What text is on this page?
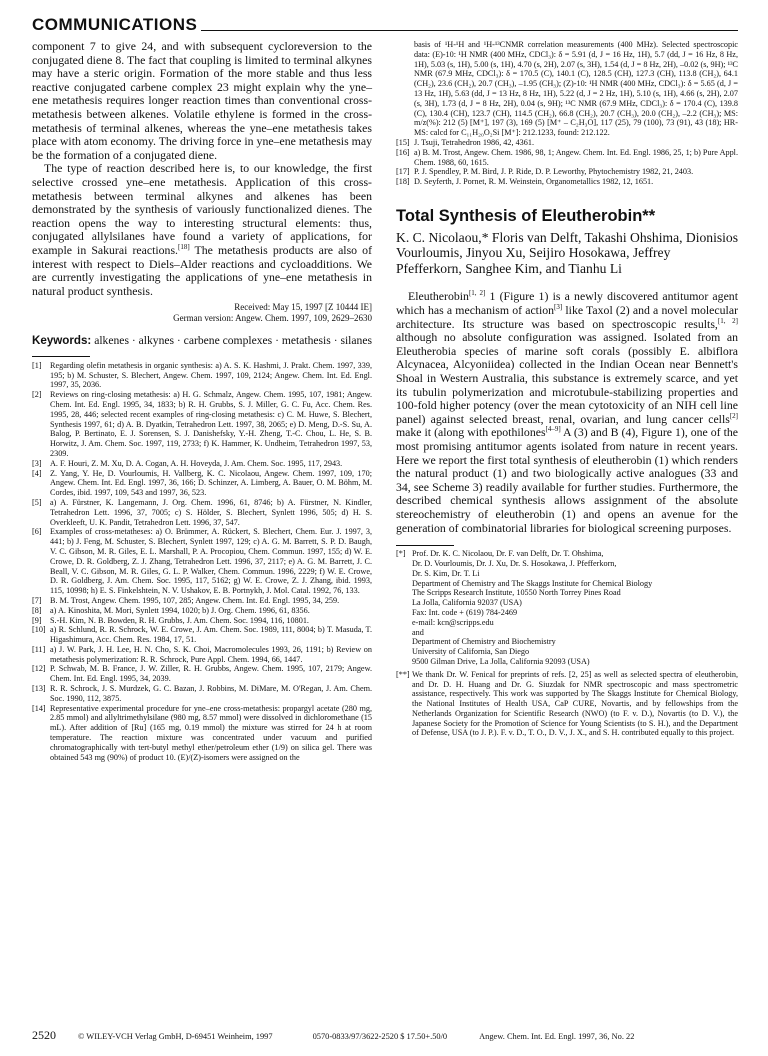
COMMUNICATIONS

component 7 to give 24, and with subsequent cycloreversion to the conjugated diene 8. The fact that coupling is limited to terminal alkynes may have a steric origin. Formation of the more stable and thus less reactive conjugated carbene complex 23 might explain why the yne–ene metathesis requires longer reaction times than conventional cross-metathesis between alkenes. Volatile ethylene is formed in the cross-metathesis of terminal alkenes, whereas the yne–ene metathesis takes place with atom economy. The driving force in yne–ene metathesis may be the formation of a conjugated diene.

The type of reaction described here is, to our knowledge, the first selective crossed yne–ene metathesis. Application of this cross-metathesis between terminal alkynes and alkenes has been demonstrated by the synthesis of variously functionalized dienes. The reaction opens the way to interesting structural elements: thus, conjugated allylsilanes have found a variety of applications, for example in Sakurai reactions.[18] The metathesis products are also of interest with respect to Diels–Alder reactions and cycloadditions. We are currently investigating the applications of yne–ene metathesis in natural product synthesis.

Received: May 15, 1997 [Z 10444 IE]
German version: Angew. Chem. 1997, 109, 2629–2630
Keywords: alkenes · alkynes · carbene complexes · metathesis · silanes
[1]	Regarding olefin metathesis in organic synthesis: a) A. S. K. Hashmi, J. Prakt. Chem. 1997, 339, 195; b) M. Schuster, S. Blechert, Angew. Chem. 1997, 109, 2124; Angew. Chem. Int. Ed. Engl. 1997, 35, 2036.
[2]	Reviews on ring-closing metathesis: a) H. G. Schmalz, Angew. Chem. 1995, 107, 1981; Angew. Chem. Int. Ed. Engl. 1995, 34, 1833; b) R. H. Grubbs, S. J. Miller, G. C. Fu, Acc. Chem. Res. 1995, 28, 446; selected recent examples of ring-closing metathesis: c) C. M. Huwe, S. Blechert, Synthesis 1997, 61; d) A. B. Dyatkin, Tetrahedron Lett. 1997, 38, 2065; e) D. Meng, D.-S. Su, A. Balog, P. Bertinato, E. J. Sorensen, S. J. Danishefsky, Y.-H. Zheng, T.-C. Chou, L. He, S. B. Horwitz, J. Am. Chem. Soc. 1997, 119, 2733; f) K. Hammer, K. Undheim, Tetrahedron 1997, 53, 2309.
[3]	A. F. Houri, Z. M. Xu, D. A. Cogan, A. H. Hoveyda, J. Am. Chem. Soc. 1995, 117, 2943.
[4]	Z. Yang, Y. He, D. Vourloumis, H. Vallberg, K. C. Nicolaou, Angew. Chem. 1997, 109, 170; Angew. Chem. Int. Ed. Engl. 1997, 36, 166; D. Schinzer, A. Limberg, A. Bauer, O. M. Böhm, M. Cordes, ibid. 1997, 109, 543 and 1997, 36, 523.
[5]	a) A. Fürstner, K. Langemann, J. Org. Chem. 1996, 61, 8746; b) A. Fürstner, N. Kindler, Tetrahedron Lett. 1996, 37, 7005; c) S. Hölder, S. Blechert, Synlett 1996, 505; d) H. S. Overkleeft, U. K. Pandit, Tetrahedron Lett. 1996, 37, 547.
[6]	Examples of cross-metatheses: a) O. Brümmer, A. Rückert, S. Blechert, Chem. Eur. J. 1997, 3, 441; b) J. Feng, M. Schuster, S. Blechert, Synlett 1997, 129; c) A. G. M. Barrett, S. P. D. Baugh, V. C. Gibson, M. R. Giles, E. L. Marshall, P. A. Procopiou, Chem. Commun. 1997, 155; d) W. E. Crowe, D. R. Goldberg, Z. J. Zhang, Tetrahedron Lett. 1996, 37, 2117; e) A. G. M. Barrett, J. C. Beall, V. C. Gibson, M. R. Giles, G. L. P. Walker, Chem. Commun. 1996, 2229; f) W. E. Crowe, D. R. Goldberg, J. Am. Chem. Soc. 1995, 117, 5162; g) W. E. Crowe, Z. J. Zhang, ibid. 1993, 115, 10998; h) E. S. Finkelshtein, N. V. Ushakov, E. B. Portnykh, J. Mol. Catal. 1992, 76, 133.
[7]	B. M. Trost, Angew. Chem. 1995, 107, 285; Angew. Chem. Int. Ed. Engl. 1995, 34, 259.
[8]	a) A. Kinoshita, M. Mori, Synlett 1994, 1020; b) J. Org. Chem. 1996, 61, 8356.
[9]	S.-H. Kim, N. B. Bowden, R. H. Grubbs, J. Am. Chem. Soc. 1994, 116, 10801.
[10] a) R. Schlund, R. R. Schrock, W. E. Crowe, J. Am. Chem. Soc. 1989, 111, 8004; b) T. Masuda, T. Higashimura, Acc. Chem. Res. 1984, 17, 51.
[11] a) J. W. Park, J. H. Lee, H. N. Cho, S. K. Choi, Macromolecules 1993, 26, 1191; b) Review on metathesis polymerization: R. R. Schrock, Pure Appl. Chem. 1994, 66, 1447.
[12] P. Schwab, M. B. France, J. W. Ziller, R. H. Grubbs, Angew. Chem. 1995, 107, 2179; Angew. Chem. Int. Ed. Engl. 1995, 34, 2039.
[13] R. R. Schrock, J. S. Murdzek, G. C. Bazan, J. Robbins, M. DiMare, M. O'Regan, J. Am. Chem. Soc. 1990, 112, 3875.
[14] Representative experimental procedure for yne–ene cross-metathesis: propargyl acetate (280 mg, 2.85 mmol) and allyltrimethylsilane (980 mg, 8.57 mmol) were dissolved in dichloromethane (15 mL). After addition of [Ru] (165 mg, 0.19 mmol) the mixture was stirred for 24 h at room temperature. The reaction mixture was concentrated under vacuum and purified chromatographically with tert-butyl methyl ether/petroleum ether (1/9) on silica gel. There was obtained 543 mg (90%) of product 10. (E)/(Z)-isomers were assigned on the
basis of ¹H-¹H and ¹H-¹³CNMR correlation measurements (400 MHz). Selected spectroscopic data: (E)-10: ¹H NMR (400 MHz, CDCl₃): δ = 5.91 (d, J = 16 Hz, 1H), 5.7 (dd, J = 16 Hz, 8 Hz, 1H), 5.03 (s, 1H), 5.00 (s, 1H), 4.70 (s, 2H), 2.07 (s, 3H), 1.54 (d, J = 8 Hz, 2H), –0.02 (s, 9H); ¹³C NMR (67.9 MHz, CDCl₃): δ = 170.5 (C), 140.1 (C), 128.5 (CH), 127.3 (CH), 113.8 (CH₂), 64.1 (CH₂), 23.6 (CH₂), 20.7 (CH₃), –1.95 (CH₃); (Z)-10: ¹H NMR (400 MHz, CDCl₃): δ = 5.65 (d, J = 13 Hz, 1H), 5.63 (dd, J = 13 Hz, 8 Hz, 1H), 5.22 (d, J = 2 Hz, 1H), 5.10 (s, 1H), 4.66 (s, 2H), 2.07 (s, 3H), 1.73 (d, J = 8 Hz, 2H), 0.04 (s, 9H); ¹³C NMR (67.9 MHz, CDCl₃): δ = 170.4 (C), 139.8 (C), 130.4 (CH), 123.7 (CH), 114.5 (CH₂), 66.8 (CH₂), 20.7 (CH₃), 20.0 (CH₂), –2.2 (CH₃); MS: m/z(%): 212 (5) [M⁺], 197 (3), 169 (5) [M⁺ – C₂H₃O], 117 (25), 79 (100), 73 (91), 43 (18); HR-MS: calcd for C₁₁H₂₀O₂Si [M⁺]: 212.1233, found: 212.122.
[15] J. Tsuji, Tetrahedron 1986, 42, 4361.
[16] a) B. M. Trost, Angew. Chem. 1986, 98, 1; Angew. Chem. Int. Ed. Engl. 1986, 25, 1; b) Pure Appl. Chem. 1988, 60, 1615.
[17] P. J. Spendley, P. M. Bird, J. P. Ride, D. P. Leworthy, Phytochemistry 1982, 21, 2403.
[18] D. Seyferth, J. Pornet, R. M. Weinstein, Organometallics 1982, 12, 1651.
Total Synthesis of Eleutherobin**
K. C. Nicolaou,* Floris van Delft, Takashi Ohshima, Dionisios Vourloumis, Jinyou Xu, Seijiro Hosokawa, Jeffrey Pfefferkorn, Sanghee Kim, and Tianhu Li

Eleutherobin[1, 2] 1 (Figure 1) is a newly discovered antitumor agent which has a mechanism of action[3] like Taxol (2) and a novel molecular architecture. Its structure was based on spectroscopic results,[1, 2] although no absolute configuration was assigned. Isolated from an Eleutherobia species of marine soft corals (possibly E. albiflora Alcynacea, Alcyoniidea) collected in the Indian Ocean near Bennett's Shoal in Western Australia, this substance is extremely scarce, and yet its tubulin polymerization and microtubule-stabilizing properties and 100-fold higher potency (over the mean cytotoxicity of an NIH cell line panel) against selected breast, renal, ovarian, and lung cancer cells[2] make it (along with epothilones[4–9] A (3) and B (4), Figure 1), one of the most promising antitumor agents isolated from nature in recent years. Here we report the first total synthesis of eleutherobin (1) which renders the natural product (1) and two biologically active analogues (33 and 34, see Scheme 3) readily available for further studies. Furthermore, the described chemical synthesis allows assignment of the absolute stereochemistry of eleutherobin (1) and opens an avenue for the generation of combinatorial libraries for biological screening purposes.

[*] Prof. Dr. K. C. Nicolaou, Dr. F. van Delft, Dr. T. Ohshima,
Dr. D. Vourloumis, Dr. J. Xu, Dr. S. Hosokawa, J. Pfefferkorn,
Dr. S. Kim, Dr. T. Li
Department of Chemistry and The Skaggs Institute for Chemical Biology
The Scripps Research Institute, 10550 North Torrey Pines Road
La Jolla, California 92037 (USA)
Fax: Int. code + (619) 784-2469
e-mail: kcn@scripps.edu
and
Department of Chemistry and Biochemistry
University of California, San Diego
9500 Gilman Drive, La Jolla, California 92093 (USA)
[**] We thank Dr. W. Fenical for preprints of refs. [2, 25] as well as selected spectra of eleutherobin, and Dr. D. H. Huang and Dr. G. Siuzdak for NMR spectroscopic and mass spectrometric assistance, respectively. This work was supported by The Skaggs Institute for Chemical Biology, the National Institutes of Health USA, CaP CURE, Novartis, and by fellowships from the Netherlands Organization for Scientific Research (NWO) (to F. v. D.), Novartis (to D. V.), the Japanese Society for the Promotion of Science for Young Scientists (to S. H.), and the Department of Defense, USA (to J. P.). F. v. D., T. O., D. V., J. X., and S. H. contributed equally to this project.
2520	© WILEY-VCH Verlag GmbH, D-69451 Weinheim, 1997	0570-0833/97/3622-2520 $ 17.50+.50/0	Angew. Chem. Int. Ed. Engl. 1997, 36, No. 22
